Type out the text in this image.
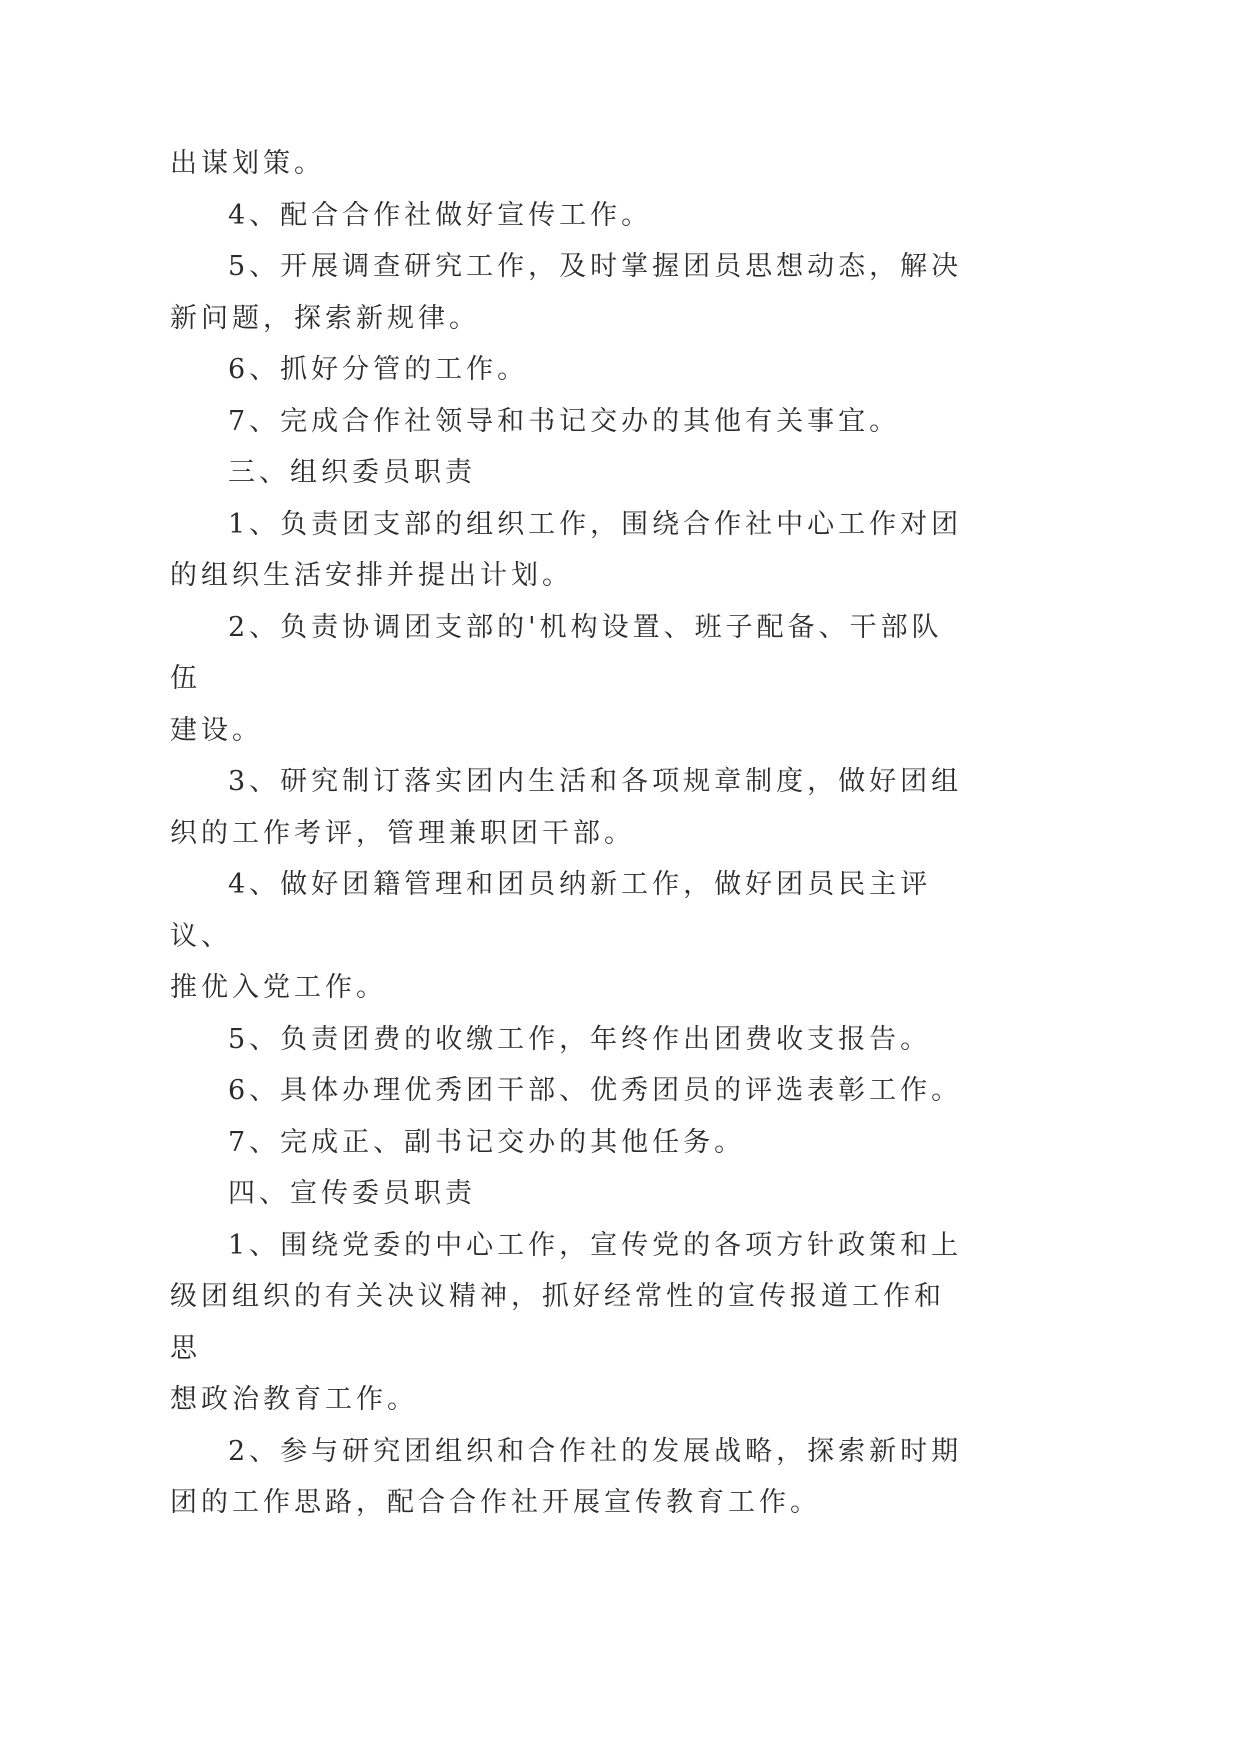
出谋划策。

4、配合合作社做好宣传工作。

5、开展调查研究工作，及时掌握团员思想动态，解决
新问题，探索新规律。

6、抓好分管的工作。

7、完成合作社领导和书记交办的其他有关事宜。

三、组织委员职责

1、负责团支部的组织工作，围绕合作社中心工作对团
的组织生活安排并提出计划。

2、负责协调团支部的'机构设置、班子配备、干部队伍
建设。

3、研究制订落实团内生活和各项规章制度，做好团组
织的工作考评，管理兼职团干部。

4、做好团籍管理和团员纳新工作，做好团员民主评议、
推优入党工作。

5、负责团费的收缴工作，年终作出团费收支报告。

6、具体办理优秀团干部、优秀团员的评选表彰工作。

7、完成正、副书记交办的其他任务。

四、宣传委员职责

1、围绕党委的中心工作，宣传党的各项方针政策和上
级团组织的有关决议精神，抓好经常性的宣传报道工作和思
想政治教育工作。

2、参与研究团组织和合作社的发展战略，探索新时期
团的工作思路，配合合作社开展宣传教育工作。
